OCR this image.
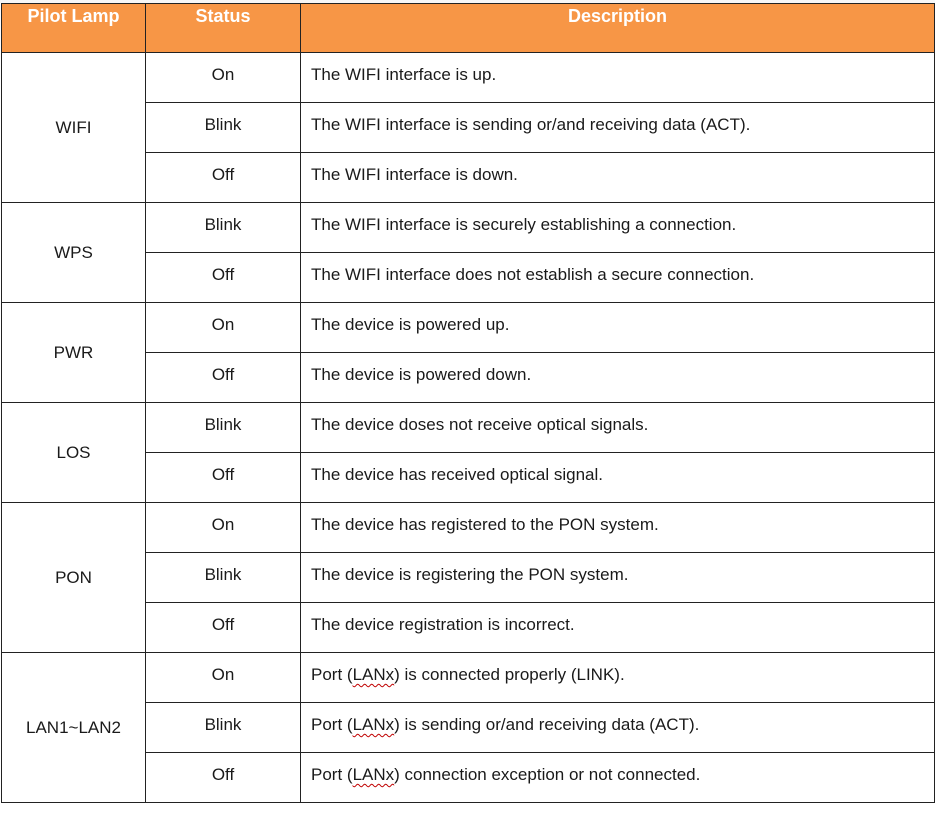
Pilot Lamp	Status	Description
WIFI	On	The WIFI interface is up.
	Blink	The WIFI interface is sending or/and receiving data (ACT).
	Off	The WIFI interface is down.
WPS	Blink	The WIFI interface is securely establishing a connection.
	Off	The WIFI interface does not establish a secure connection.
PWR	On	The device is powered up.
	Off	The device is powered down.
LOS	Blink	The device doses not receive optical signals.
	Off	The device has received optical signal.
PON	On	The device has registered to the PON system.
	Blink	The device is registering the PON system.
	Off	The device registration is incorrect.
LAN1~LAN2	On	Port (LANx) is connected properly (LINK).
	Blink	Port (LANx) is sending or/and receiving data (ACT).
	Off	Port (LANx) connection exception or not connected.
